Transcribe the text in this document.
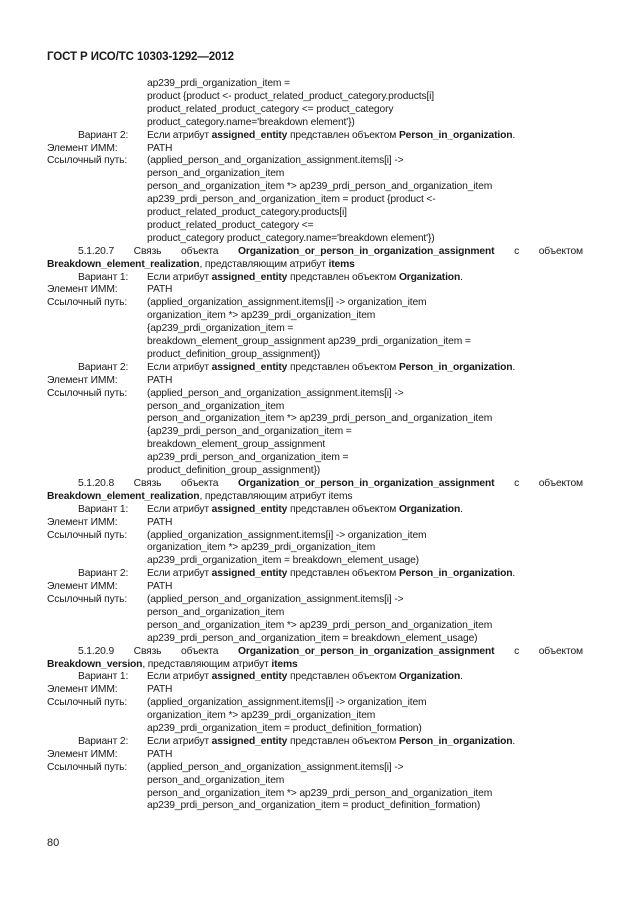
ГОСТ Р ИСО/ТС 10303-1292—2012
ap239_prdi_organization_item =
product {product <- product_related_product_category.products[i]
product_related_product_category <= product_category
product_category.name='breakdown element'})
Вариант 2: Если атрибут assigned_entity представлен объектом Person_in_organization.
Элемент ИММ:	PATH
Ссылочный путь: (applied_person_and_organization_assignment.items[i] ->
person_and_organization_item
person_and_organization_item *> ap239_prdi_person_and_organization_item
ap239_prdi_person_and_organization_item = product {product <-
product_related_product_category.products[i]
product_related_product_category <=
product_category product_category.name='breakdown element'})
5.1.20.7 Связь объекта Organization_or_person_in_organization_assignment с объектом
Breakdown_element_realization, представляющим атрибут items
Вариант 1: Если атрибут assigned_entity представлен объектом Organization.
Элемент ИММ:	PATH
Ссылочный путь: (applied_organization_assignment.items[i] -> organization_item
organization_item *> ap239_prdi_organization_item
{ap239_prdi_organization_item =
breakdown_element_group_assignment ap239_prdi_organization_item =
product_definition_group_assignment})
Вариант 2: Если атрибут assigned_entity представлен объектом Person_in_organization.
Элемент ИММ:	PATH
Ссылочный путь: (applied_person_and_organization_assignment.items[i] ->
person_and_organization_item
person_and_organization_item *> ap239_prdi_person_and_organization_item
{ap239_prdi_person_and_organization_item =
breakdown_element_group_assignment
ap239_prdi_person_and_organization_item =
product_definition_group_assignment})
5.1.20.8 Связь объекта Organization_or_person_in_organization_assignment с объектом
Breakdown_element_realization, представляющим атрибут items
Вариант 1: Если атрибут assigned_entity представлен объектом Organization.
Элемент ИММ:	PATH
Ссылочный путь: (applied_organization_assignment.items[i] -> organization_item
organization_item *> ap239_prdi_organization_item
ap239_prdi_organization_item = breakdown_element_usage)
Вариант 2: Если атрибут assigned_entity представлен объектом Person_in_organization.
Элемент ИММ:	PATH
Ссылочный путь: (applied_person_and_organization_assignment.items[i] ->
person_and_organization_item
person_and_organization_item *> ap239_prdi_person_and_organization_item
ap239_prdi_person_and_organization_item = breakdown_element_usage)
5.1.20.9 Связь объекта Organization_or_person_in_organization_assignment с объектом
Breakdown_version, представляющим атрибут items
Вариант 1: Если атрибут assigned_entity представлен объектом Organization.
Элемент ИММ:	PATH
Ссылочный путь: (applied_organization_assignment.items[i] -> organization_item
organization_item *> ap239_prdi_organization_item
ap239_prdi_organization_item = product_definition_formation)
Вариант 2: Если атрибут assigned_entity представлен объектом Person_in_organization.
Элемент ИММ:	PATH
Ссылочный путь: (applied_person_and_organization_assignment.items[i] ->
person_and_organization_item
person_and_organization_item *> ap239_prdi_person_and_organization_item
ap239_prdi_person_and_organization_item = product_definition_formation)
80
